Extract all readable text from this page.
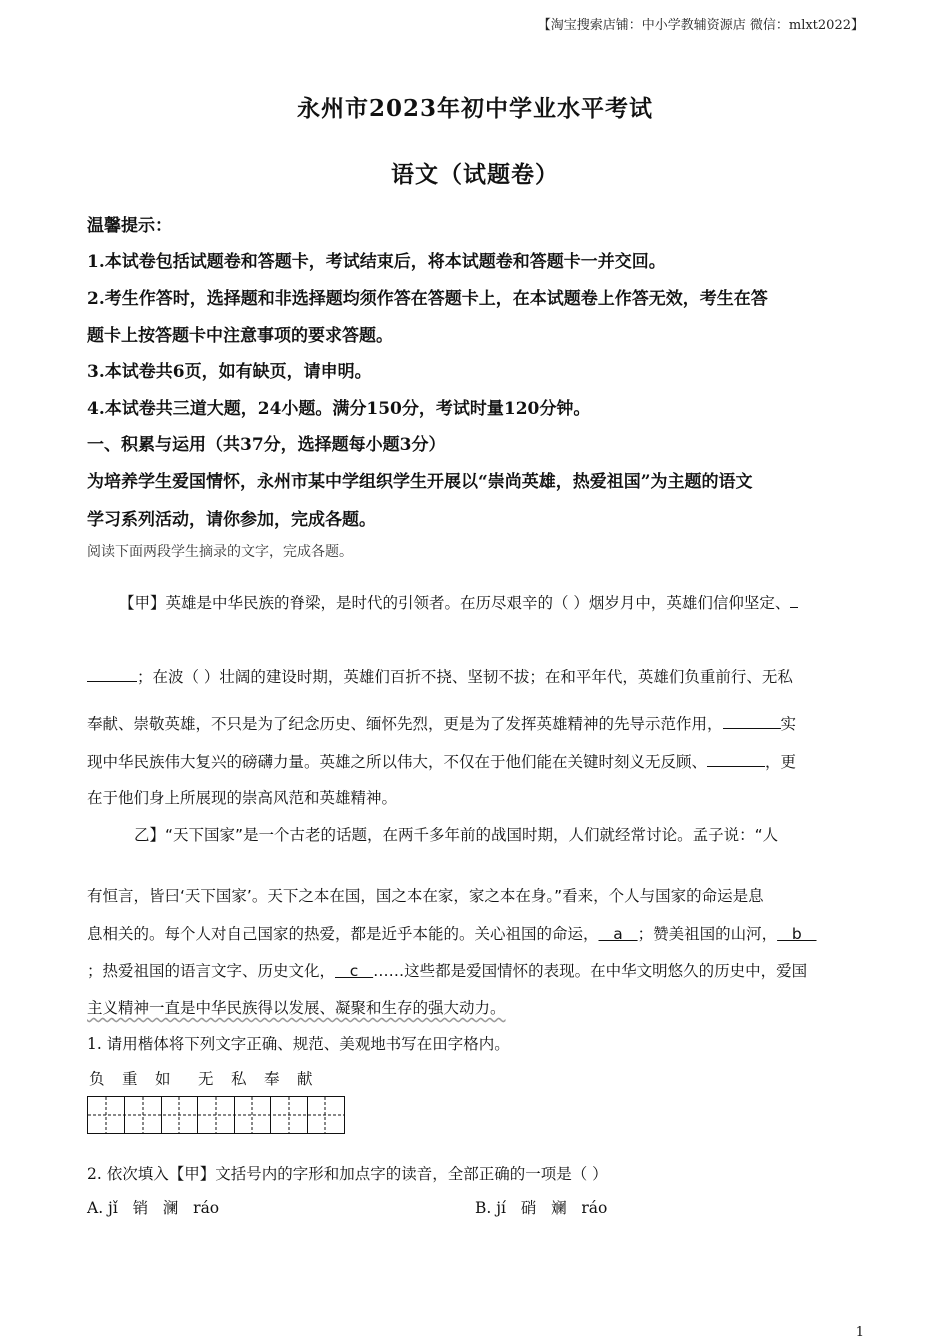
【淘宝搜索店铺：中小学教辅资源店 微信：mlxt2022】
永州市2023年初中学业水平考试
语文（试题卷）
温馨提示：
1.本试卷包括试题卷和答题卡，考试结束后，将本试题卷和答题卡一并交回。
2.考生作答时，选择题和非选择题均须作答在答题卡上，在本试题卷上作答无效，考生在答
题卡上按答题卡中注意事项的要求答题。
3.本试卷共6页，如有缺页，请申明。
4.本试卷共三道大题，24小题。满分150分，考试时量120分钟。
一、积累与运用（共37分，选择题每小题3分）
为培养学生爱国情怀，永州市某中学组织学生开展以“崇尚英雄，热爱祖国”为主题的语文
学习系列活动，请你参加，完成各题。
阅读下面两段学生摘录的文字，完成各题。
【甲】英雄是中华民族的脊梁，是时代的引领者。在历尽艰辛的（ ）烟岁月中，英雄们信仰坚定、
；在波（ ）壮阔的建设时期，英雄们百折不挠、坚韧不拔；在和平年代，英雄们负重前行、无私
奉献、崇敬英雄，不只是为了纪念历史、缅怀先烈，更是为了发挥英雄精神的先导示范作用，	实
现中华民族伟大复兴的磅礴力量。英雄之所以伟大，不仅在于他们能在关键时刻义无反顾、	，更
在于他们身上所展现的崇高风范和英雄精神。
乙】“天下国家”是一个古老的话题，在两千多年前的战国时期，人们就经常讨论。孟子说：“人
有恒言，皆曰‘天下国家’。天下之本在国，国之本在家，家之本在身。”看来，个人与国家的命运是息
息相关的。每个人对自己国家的热爱，都是近乎本能的。关心祖国的命运，   a   ；赞美祖国的山河，   b
；热爱祖国的语言文字、历史文化，   c   ……这些都是爱国情怀的表现。在中华文明悠久的历史中，爱国
主义精神一直是中华民族得以发展、凝聚和生存的强大动力。
1. 请用楷体将下列文字正确、规范、美观地书写在田字格内。
负 重 如 无 私 奉 献
2. 依次填入【甲】文括号内的字形和加点字的读音，全部正确的一项是（ ）
A. jǐ   销   澜   ráo	B. jí   硝   斓   ráo
1
